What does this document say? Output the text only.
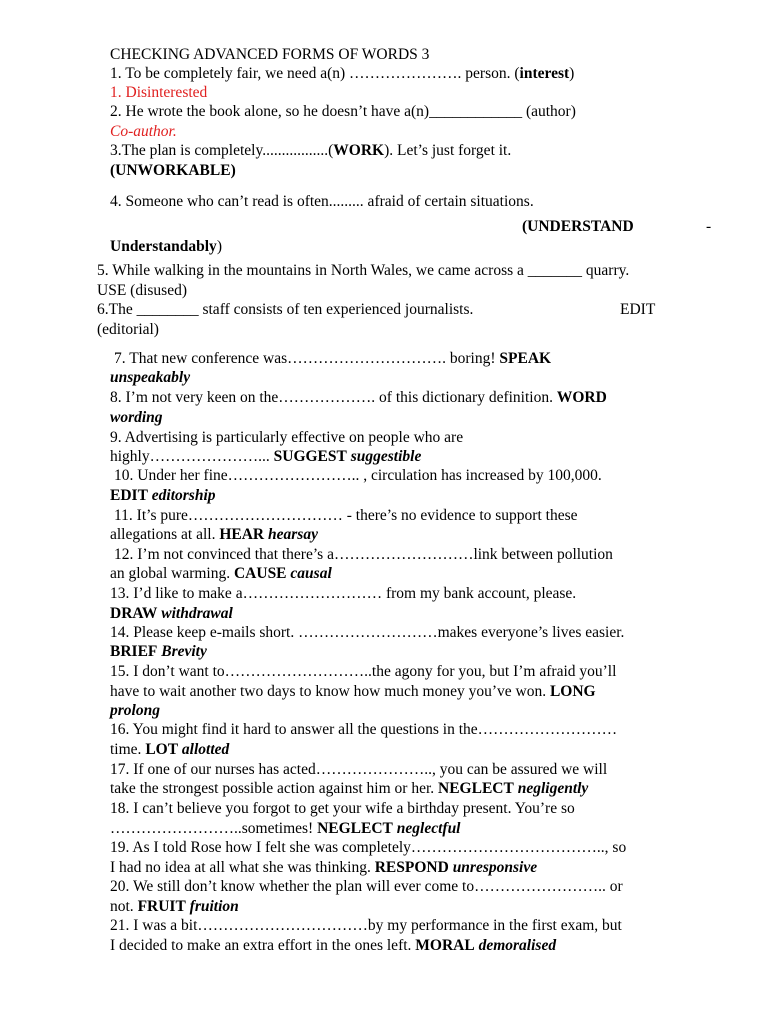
CHECKING ADVANCED FORMS OF WORDS 3
1. To be completely fair, we need a(n) …………………. person. (interest)
1. Disinterested
2. He wrote the book alone, so he doesn’t have a(n)____________ (author)
Co-author.
3.The plan is completely.................(WORK). Let’s just forget it.
(UNWORKABLE)
4. Someone who can’t read is often......... afraid of certain situations.
(UNDERSTAND	-
Understandably)
5. While walking in the mountains in North Wales, we came across a _______ quarry.
USE (disused)
6.The ________ staff consists of ten experienced journalists.	EDIT
(editorial)
7. That new conference was…………………………. boring! SPEAK
unspeakably
8. I’m not very keen on the………………. of this dictionary definition. WORD
wording
9. Advertising is particularly effective on people who are
highly…………………... SUGGEST suggestible
10. Under her fine…………………….. , circulation has increased by 100,000.
EDIT editorship
11. It’s pure………………………… - there’s no evidence to support these
allegations at all. HEAR hearsay
12. I’m not convinced that there’s a………………………link between pollution
an global warming. CAUSE causal
13. I’d like to make a……………………… from my bank account, please.
DRAW withdrawal
14. Please keep e-mails short. ………………………makes everyone’s lives easier.
BRIEF Brevity
15. I don’t want to………………………..the agony for you, but I’m afraid you’ll
have to wait another two days to know how much money you’ve won. LONG
prolong
16. You might find it hard to answer all the questions in the………………………
time. LOT allotted
17. If one of our nurses has acted………………….., you can be assured we will
take the strongest possible action against him or her. NEGLECT negligently
18. I can’t believe you forgot to get your wife a birthday present. You’re so
……………………..sometimes! NEGLECT neglectful
19. As I told Rose how I felt she was completely……………………………….., so
I had no idea at all what she was thinking. RESPOND unresponsive
20. We still don’t know whether the plan will ever come to…………………….. or
not. FRUIT fruition
21. I was a bit……………………………by my performance in the first exam, but
I decided to make an extra effort in the ones left. MORAL demoralised
